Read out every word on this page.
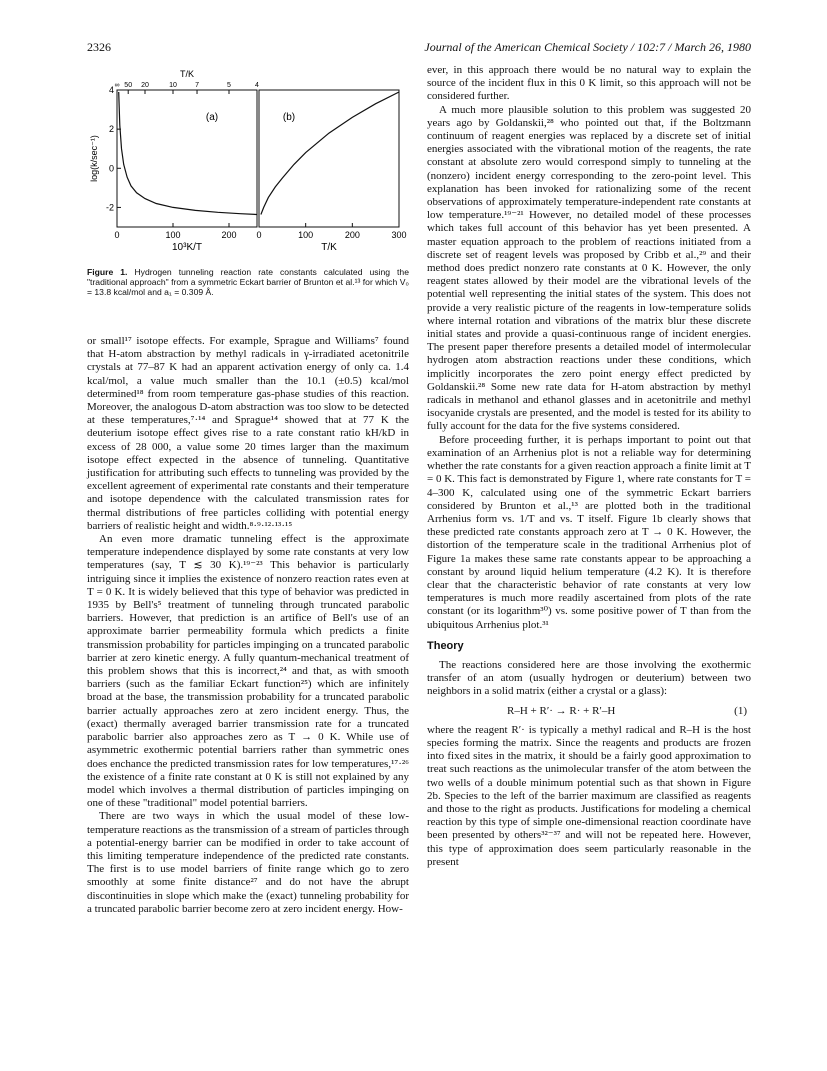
2326	Journal of the American Chemical Society / 102:7 / March 26, 1980
0	100	200
10³K/T
(a)
4
2
0
-2
log(k/sec⁻¹)
∞ 50 20	10	7	5	4
T/K
0	100	200	300
T/K
(b)
Figure 1. Hydrogen tunneling reaction rate constants calculated using the "traditional approach" from a symmetric Eckart barrier of Brunton et al.¹³ for which V₀ = 13.8 kcal/mol and a₁ = 0.309 Å.

or small¹⁷ isotope effects. For example, Sprague and Williams⁷ found that H-atom abstraction by methyl radicals in γ-irradiated acetonitrile crystals at 77–87 K had an apparent activation energy of only ca. 1.4 kcal/mol, a value much smaller than the 10.1 (±0.5) kcal/mol determined¹⁸ from room temperature gas-phase studies of this reaction. Moreover, the analogous D-atom abstraction was too slow to be detected at these temperatures,⁷·¹⁴ and Sprague¹⁴ showed that at 77 K the deuterium isotope effect gives rise to a rate constant ratio kH/kD in excess of 28 000, a value some 20 times larger than the maximum isotope effect expected in the absence of tunneling. Quantitative justification for attributing such effects to tunneling was provided by the excellent agreement of experimental rate constants and their temperature and isotope dependence with the calculated transmission rates for thermal distributions of free particles colliding with potential energy barriers of realistic height and width.⁸·⁹·¹²·¹³·¹⁵

An even more dramatic tunneling effect is the approximate temperature independence displayed by some rate constants at very low temperatures (say, T ≲ 30 K).¹⁹⁻²³ This behavior is particularly intriguing since it implies the existence of nonzero reaction rates even at T = 0 K. It is widely believed that this type of behavior was predicted in 1935 by Bell's⁵ treatment of tunneling through truncated parabolic barriers. However, that prediction is an artifice of Bell's use of an approximate barrier permeability formula which predicts a finite transmission probability for particles impinging on a truncated parabolic barrier at zero kinetic energy. A fully quantum-mechanical treatment of this problem shows that this is incorrect,²⁴ and that, as with smooth barriers (such as the familiar Eckart function²⁵) which are infinitely broad at the base, the transmission probability for a truncated parabolic barrier actually approaches zero at zero incident energy. Thus, the (exact) thermally averaged barrier transmission rate for a truncated parabolic barrier also approaches zero as T → 0 K. While use of asymmetric exothermic potential barriers rather than symmetric ones does enchance the predicted transmission rates for low temperatures,¹⁷·²⁶ the existence of a finite rate constant at 0 K is still not explained by any model which involves a thermal distribution of particles impinging on one of these "traditional" model potential barriers.

There are two ways in which the usual model of these low-temperature reactions as the transmission of a stream of particles through a potential-energy barrier can be modified in order to take account of this limiting temperature independence of the predicted rate constants. The first is to use model barriers of finite range which go to zero smoothly at some finite distance²⁷ and do not have the abrupt discontinuities in slope which make the (exact) tunneling probability for a truncated parabolic barrier become zero at zero incident energy. How-

ever, in this approach there would be no natural way to explain the source of the incident flux in this 0 K limit, so this approach will not be considered further.

A much more plausible solution to this problem was suggested 20 years ago by Goldanskii,²⁸ who pointed out that, if the Boltzmann continuum of reagent energies was replaced by a discrete set of initial energies associated with the vibrational motion of the reagents, the rate constant at absolute zero would correspond simply to tunneling at the (nonzero) incident energy corresponding to the zero-point level. This explanation has been invoked for rationalizing some of the recent observations of approximately temperature-independent rate constants at low temperature.¹⁹⁻²¹ However, no detailed model of these processes which takes full account of this behavior has yet been presented. A master equation approach to the problem of reactions initiated from a discrete set of reagent levels was proposed by Cribb et al.,²⁹ and their method does predict nonzero rate constants at 0 K. However, the only reagent states allowed by their model are the vibrational levels of the potential well representing the initial states of the system. This does not provide a very realistic picture of the reagents in low-temperature solids where internal rotation and vibrations of the matrix blur these discrete initial states and provide a quasi-continuous range of incident energies. The present paper therefore presents a detailed model of intermolecular hydrogen atom abstraction reactions under these conditions, which implicitly incorporates the zero point energy effect predicted by Goldanskii.²⁸ Some new rate data for H-atom abstraction by methyl radicals in methanol and ethanol glasses and in acetonitrile and methyl isocyanide crystals are presented, and the model is tested for its ability to fully account for the data for the five systems considered.

Before proceeding further, it is perhaps important to point out that examination of an Arrhenius plot is not a reliable way for determining whether the rate constants for a given reaction approach a finite limit at T = 0 K. This fact is demonstrated by Figure 1, where rate constants for T = 4–300 K, calculated using one of the symmetric Eckart barriers considered by Brunton et al.,¹³ are plotted both in the traditional Arrhenius form vs. 1/T and vs. T itself. Figure 1b clearly shows that these predicted rate constants approach zero at T → 0 K. However, the distortion of the temperature scale in the traditional Arrhenius plot of Figure 1a makes these same rate constants appear to be approaching a constant by around liquid helium temperature (4.2 K). It is therefore clear that the characteristic behavior of rate constants at very low temperatures is much more readily ascertained from plots of the rate constant (or its logarithm³⁰) vs. some positive power of T than from the ubiquitous Arrhenius plot.³¹

Theory

The reactions considered here are those involving the exothermic transfer of an atom (usually hydrogen or deuterium) between two neighbors in a solid matrix (either a crystal or a glass):

R–H + R′· → R· + R′–H	(1)

where the reagent R′· is typically a methyl radical and R–H is the host species forming the matrix. Since the reagents and products are frozen into fixed sites in the matrix, it should be a fairly good approximation to treat such reactions as the unimolecular transfer of the atom between the two wells of a double minimum potential such as that shown in Figure 2b. Species to the left of the barrier maximum are classified as reagents and those to the right as products. Justifications for modeling a chemical reaction by this type of simple one-dimensional reaction coordinate have been presented by others³²⁻³⁷ and will not be repeated here. However, this type of approximation does seem particularly reasonable in the present
